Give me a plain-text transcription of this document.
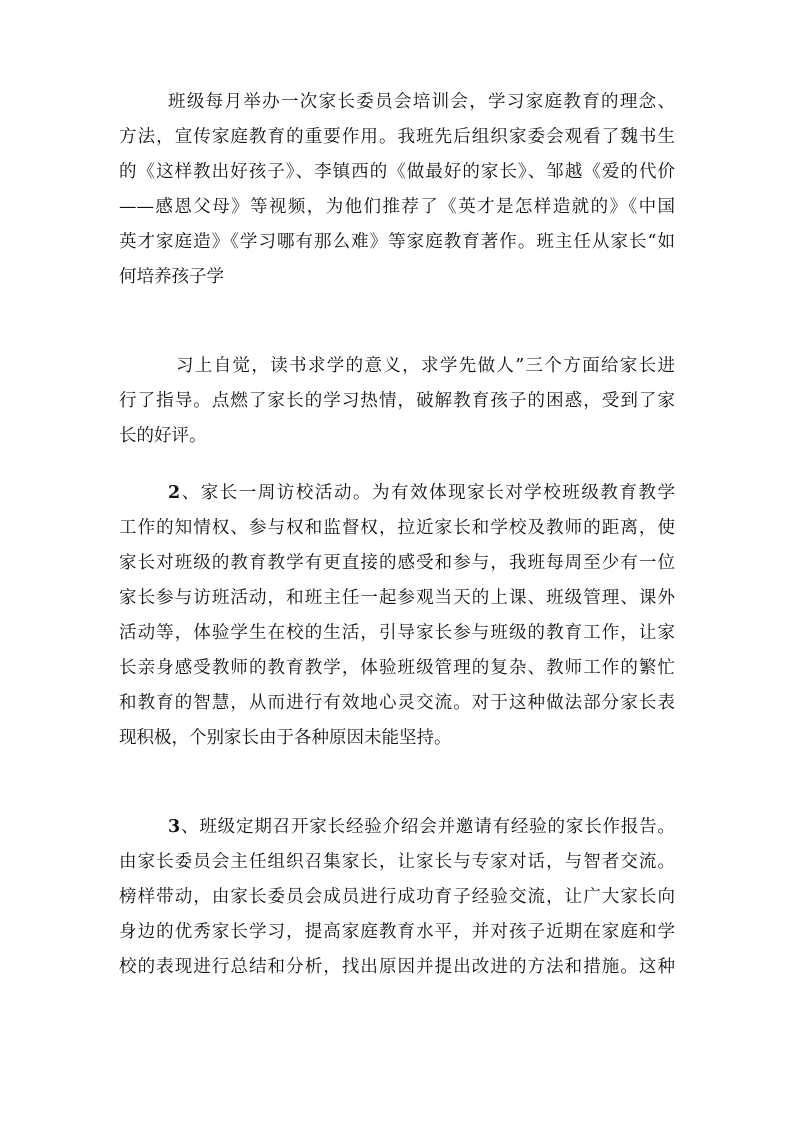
班级每月举办一次家长委员会培训会，学习家庭教育的理念、
方法，宣传家庭教育的重要作用。我班先后组织家委会观看了魏书生
的《这样教出好孩子》、李镇西的《做最好的家长》、邹越《爱的代价
——感恩父母》等视频，为他们推荐了《英才是怎样造就的》《中国
英才家庭造》《学习哪有那么难》等家庭教育著作。班主任从家长“如
何培养孩子学
习上自觉，读书求学的意义，求学先做人”三个方面给家长进
行了指导。点燃了家长的学习热情，破解教育孩子的困惑，受到了家
长的好评。
2、家长一周访校活动。为有效体现家长对学校班级教育教学
工作的知情权、参与权和监督权，拉近家长和学校及教师的距离，使
家长对班级的教育教学有更直接的感受和参与，我班每周至少有一位
家长参与访班活动，和班主任一起参观当天的上课、班级管理、课外
活动等，体验学生在校的生活，引导家长参与班级的教育工作，让家
长亲身感受教师的教育教学，体验班级管理的复杂、教师工作的繁忙
和教育的智慧，从而进行有效地心灵交流。对于这种做法部分家长表
现积极，个别家长由于各种原因未能坚持。
3、班级定期召开家长经验介绍会并邀请有经验的家长作报告。
由家长委员会主任组织召集家长，让家长与专家对话，与智者交流。
榜样带动，由家长委员会成员进行成功育子经验交流，让广大家长向
身边的优秀家长学习，提高家庭教育水平，并对孩子近期在家庭和学
校的表现进行总结和分析，找出原因并提出改进的方法和措施。这种
